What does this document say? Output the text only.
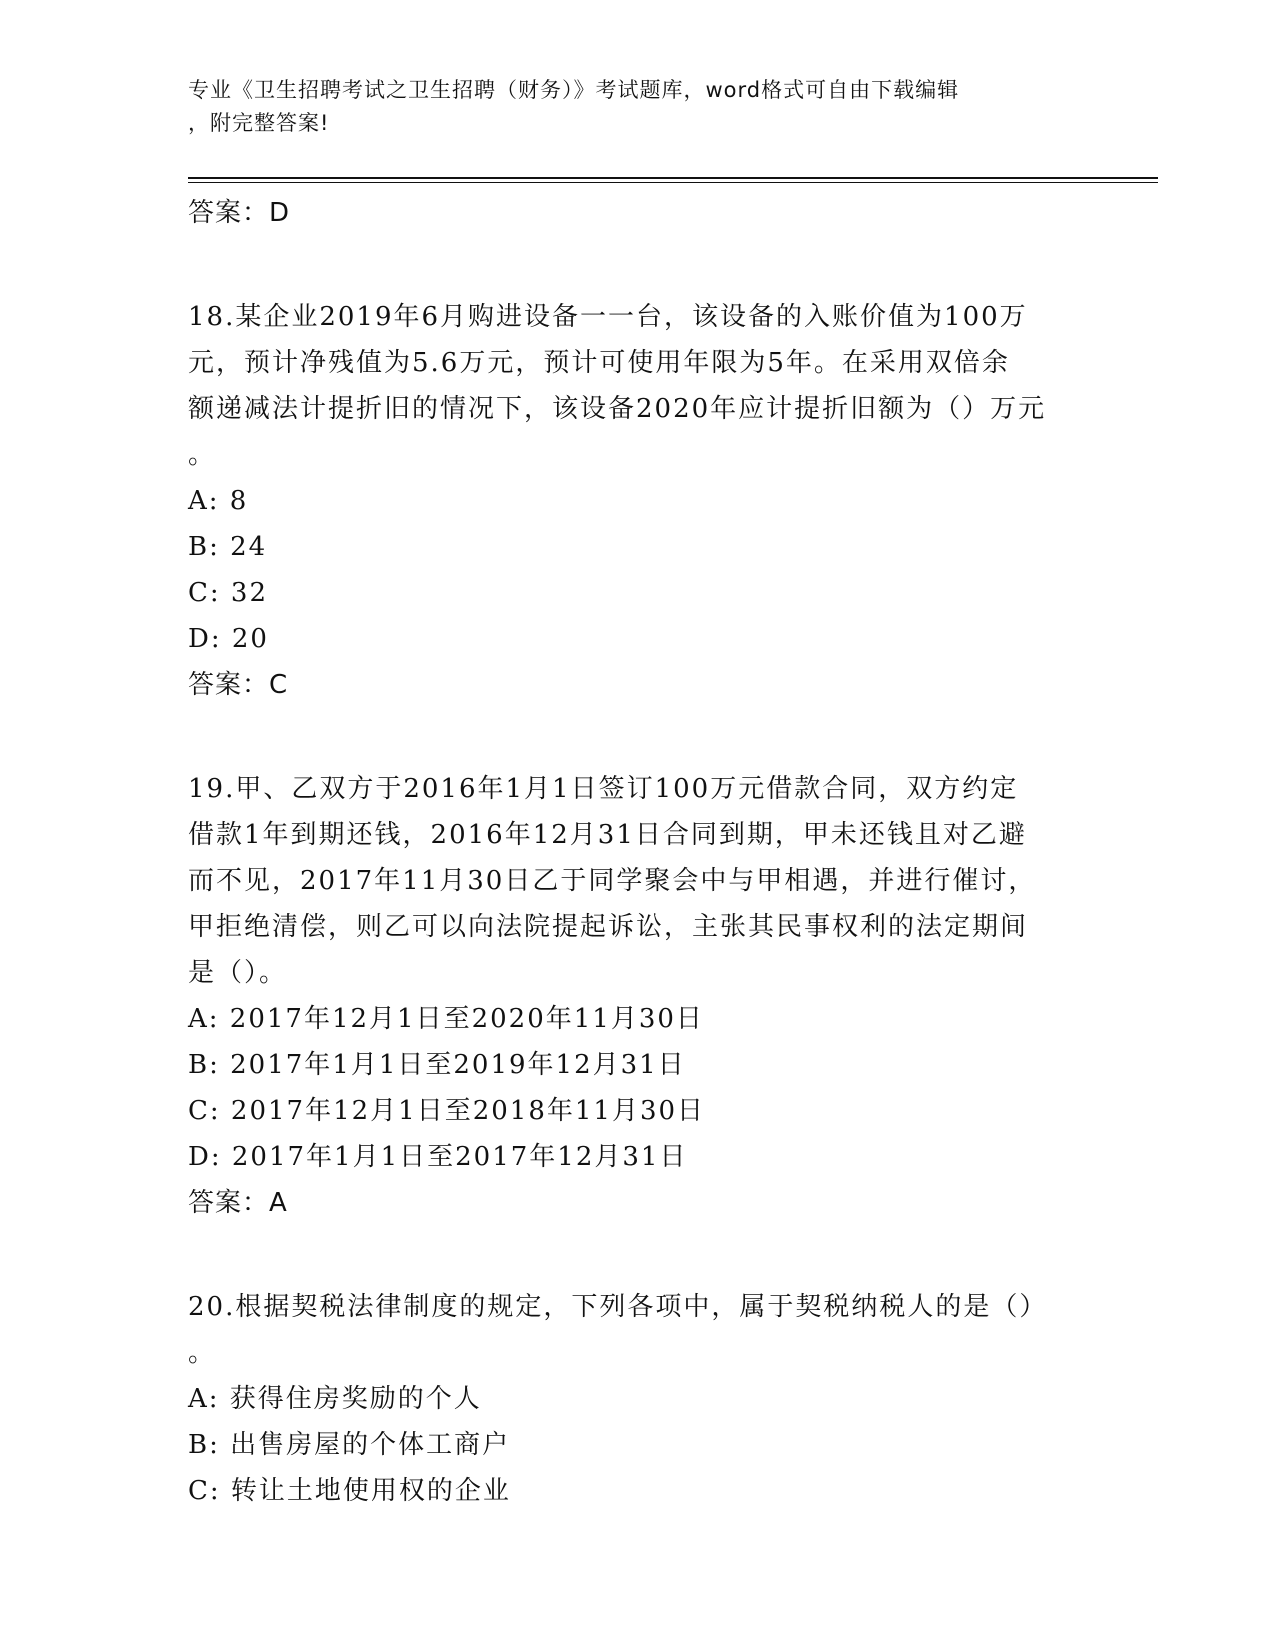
专业《卫生招聘考试之卫生招聘（财务）》考试题库，word格式可自由下载编辑
，附完整答案!

答案：D

18.某企业2019年6月购进设备一一台，该设备的入账价值为100万
元，预计净残值为5.6万元，预计可使用年限为5年。在采用双倍余
额递减法计提折旧的情况下，该设备2020年应计提折旧额为（）万元
。

A: 8

B: 24

C: 32

D: 20

答案：C

19.甲、乙双方于2016年1月1日签订100万元借款合同，双方约定
借款1年到期还钱，2016年12月31日合同到期，甲未还钱且对乙避
而不见，2017年11月30日乙于同学聚会中与甲相遇，并进行催讨，
甲拒绝清偿，则乙可以向法院提起诉讼，主张其民事权利的法定期间
是（）。

A: 2017年12月1日至2020年11月30日

B: 2017年1月1日至2019年12月31日

C: 2017年12月1日至2018年11月30日

D: 2017年1月1日至2017年12月31日

答案：A

20.根据契税法律制度的规定，下列各项中，属于契税纳税人的是（）
。

A: 获得住房奖励的个人

B: 出售房屋的个体工商户

C: 转让土地使用权的企业
